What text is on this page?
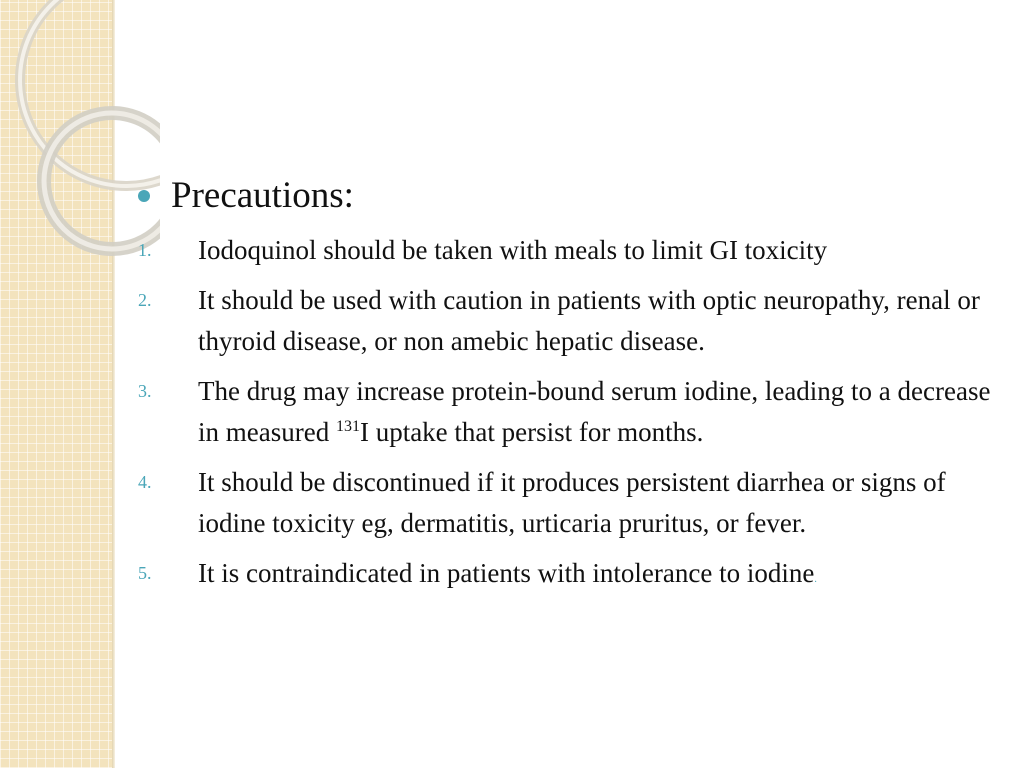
Precautions:
1.	Iodoquinol should be taken with meals to limit GI toxicity
2.	It should be used with caution in patients with optic neuropathy, renal or thyroid disease, or non amebic hepatic disease.
3.	The drug may increase protein-bound serum iodine, leading to a decrease in measured $^{131}$I uptake that persist for months.
4.	It should be discontinued if it produces persistent diarrhea or signs of iodine toxicity eg, dermatitis, urticaria pruritus, or fever.
5.	It is contraindicated in patients with intolerance to iodine.
